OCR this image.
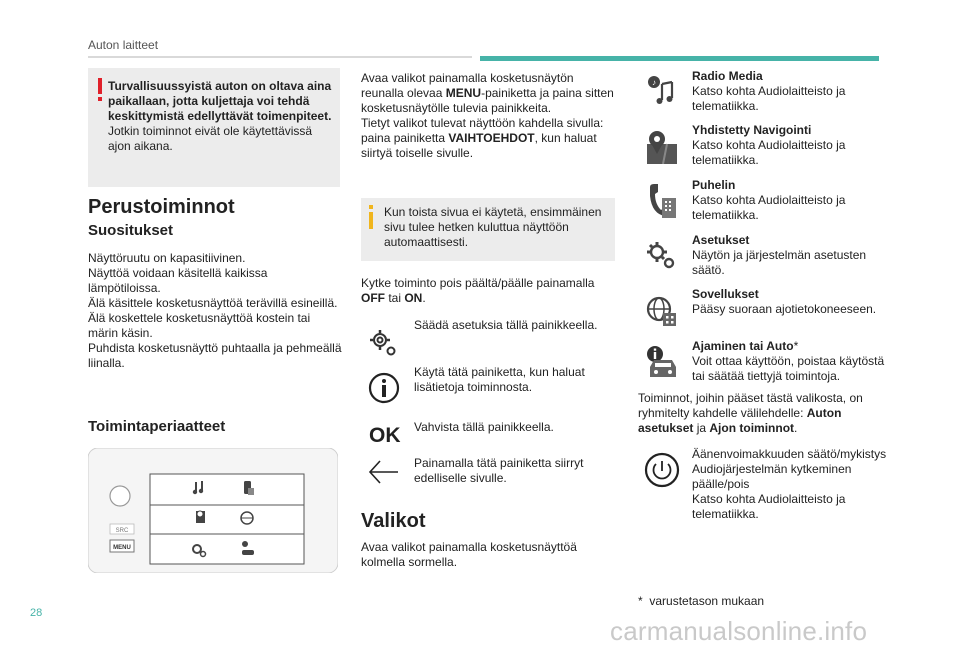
Auton laitteet
Turvallisuussyistä auton on oltava aina paikallaan, jotta kuljettaja voi tehdä keskittymistä edellyttävät toimenpiteet.
Jotkin toiminnot eivät ole käytettävissä ajon aikana.
Perustoiminnot
Suositukset

Näyttöruutu on kapasitiivinen.

Näyttöä voidaan käsitellä kaikissa lämpötiloissa.

Älä käsittele kosketusnäyttöä terävillä esineillä.

Älä koskettele kosketusnäyttöä kostein tai märin käsin.

Puhdista kosketusnäyttö puhtaalla ja pehmeällä liinalla.

Toimintaperiaatteet
SRC
MENU
Avaa valikot painamalla kosketusnäytön reunalla olevaa MENU-painiketta ja paina sitten kosketusnäytölle tulevia painikkeita.
Tietyt valikot tulevat näyttöön kahdella sivulla: paina painiketta VAIHTOEHDOT, kun haluat siirtyä toiselle sivulle.
Kun toista sivua ei käytetä, ensimmäinen sivu tulee hetken kuluttua näyttöön automaattisesti.
Kytke toiminto pois päältä/päälle painamalla OFF tai ON.
Säädä asetuksia tällä painikkeella.
Käytä tätä painiketta, kun haluat lisätietoja toiminnosta.
OK Vahvista tällä painikkeella.
Painamalla tätä painiketta siirryt edelliselle sivulle.
Valikot
Avaa valikot painamalla kosketusnäyttöä kolmella sormella.
♪	Radio Media
Katso kohta Audiolaitteisto ja telematiikka.
Yhdistetty Navigointi
Katso kohta Audiolaitteisto ja telematiikka.
Puhelin
Katso kohta Audiolaitteisto ja telematiikka.
Asetukset
Näytön ja järjestelmän asetusten säätö.
Sovellukset
Pääsy suoraan ajotietokoneeseen.
Ajaminen tai Auto*
Voit ottaa käyttöön, poistaa käytöstä tai säätää tiettyjä toimintoja.
Toiminnot, joihin pääset tästä valikosta, on ryhmitelty kahdelle välilehdelle: Auton asetukset ja Ajon toiminnot.
Äänenvoimakkuuden säätö/mykistys Audiojärjestelmän kytkeminen päälle/pois
Katso kohta Audiolaitteisto ja telematiikka.
* varustetason mukaan
28
carmanualsonline.info
